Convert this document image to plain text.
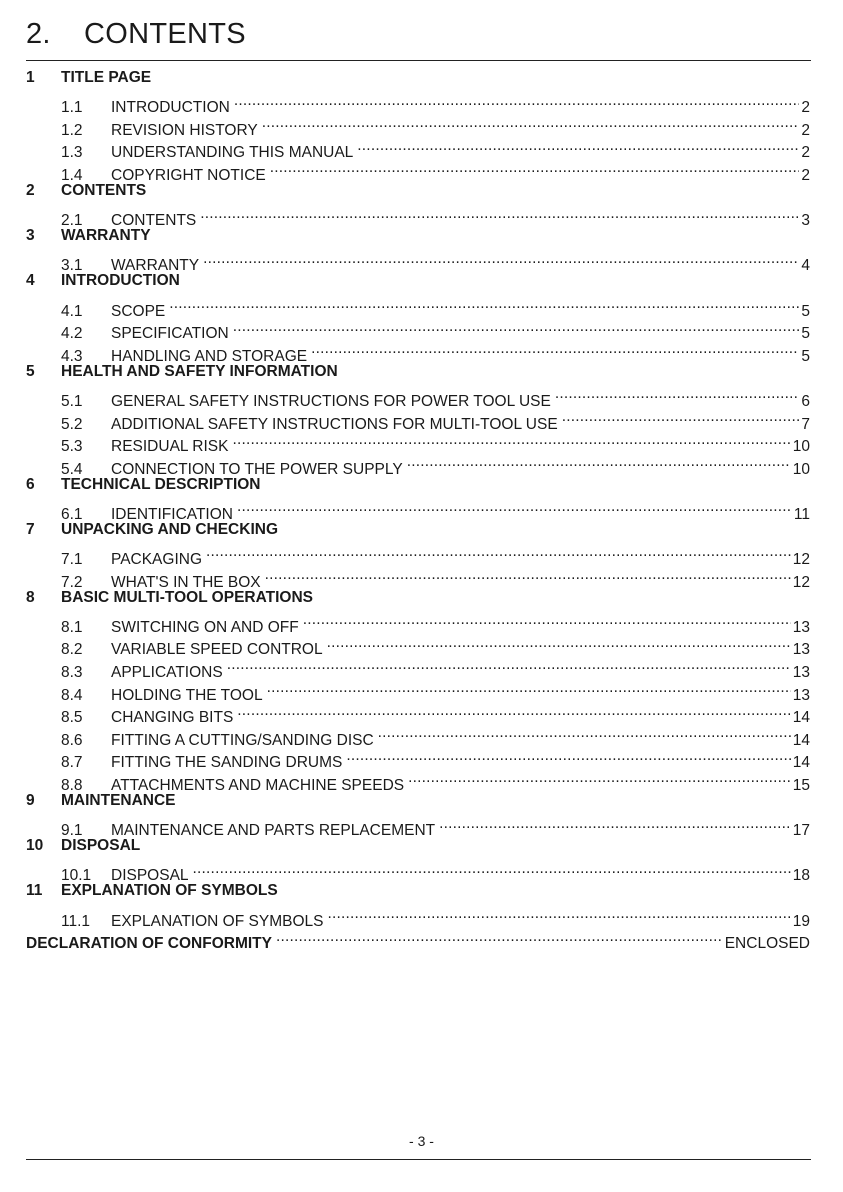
2. CONTENTS
1	TITLE PAGE
1.1	INTRODUCTION .....	2
1.2	REVISION HISTORY .....	2
1.3	UNDERSTANDING THIS MANUAL .....	2
1.4	COPYRIGHT NOTICE .....	2
2	CONTENTS
2.1	CONTENTS .....	3
3	WARRANTY
3.1	WARRANTY .....	4
4	INTRODUCTION
4.1	SCOPE .....	5
4.2	SPECIFICATION .....	5
4.3	HANDLING AND STORAGE .....	5
5	HEALTH AND SAFETY INFORMATION
5.1	GENERAL SAFETY INSTRUCTIONS FOR POWER TOOL USE .....	6
5.2	ADDITIONAL SAFETY INSTRUCTIONS FOR MULTI-TOOL USE .....	7
5.3	RESIDUAL RISK .....	10
5.4	CONNECTION TO THE POWER SUPPLY .....	10
6	TECHNICAL DESCRIPTION
6.1	IDENTIFICATION .....	11
7	UNPACKING AND CHECKING
7.1	PACKAGING .....	12
7.2	WHAT'S IN THE BOX .....	12
8	BASIC MULTI-TOOL OPERATIONS
8.1	SWITCHING ON AND OFF .....	13
8.2	VARIABLE SPEED CONTROL .....	13
8.3	APPLICATIONS .....	13
8.4	HOLDING THE TOOL .....	13
8.5	CHANGING BITS .....	14
8.6	FITTING A CUTTING/SANDING DISC .....	14
8.7	FITTING THE SANDING DRUMS .....	14
8.8	ATTACHMENTS AND MACHINE SPEEDS .....	15
9	MAINTENANCE
9.1	MAINTENANCE AND PARTS REPLACEMENT .....	17
10	DISPOSAL
10.1	DISPOSAL .....	18
11	EXPLANATION OF SYMBOLS
11.1	EXPLANATION OF SYMBOLS .....	19
DECLARATION OF CONFORMITY .....	ENCLOSED
- 3 -
